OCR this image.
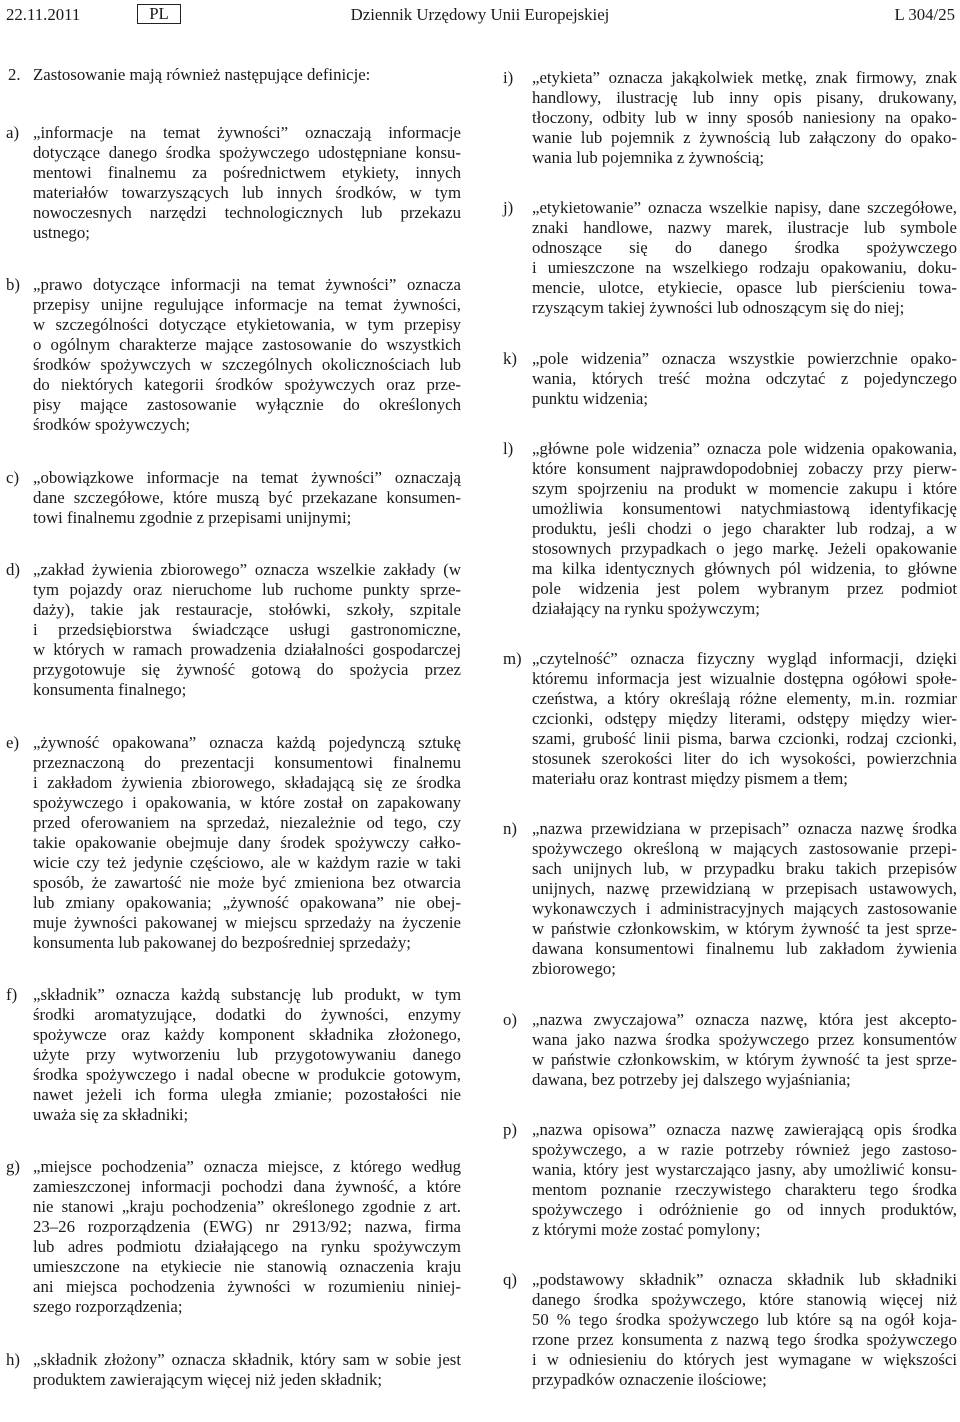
22.11.2011	PL	Dziennik Urzędowy Unii Europejskiej	L 304/25
2. Zastosowanie mają również następujące definicje:
a) „informacje na temat żywności” oznaczają informacje
dotyczące danego środka spożywczego udostępniane konsu-
mentowi finalnemu za pośrednictwem etykiety, innych
materiałów towarzyszących lub innych środków, w tym
nowoczesnych narzędzi technologicznych lub przekazu
ustnego;
b) „prawo dotyczące informacji na temat żywności” oznacza
przepisy unijne regulujące informacje na temat żywności,
w szczególności dotyczące etykietowania, w tym przepisy
o ogólnym charakterze mające zastosowanie do wszystkich
środków spożywczych w szczególnych okolicznościach lub
do niektórych kategorii środków spożywczych oraz prze-
pisy mające zastosowanie wyłącznie do określonych
środków spożywczych;
c) „obowiązkowe informacje na temat żywności” oznaczają
dane szczegółowe, które muszą być przekazane konsumen-
towi finalnemu zgodnie z przepisami unijnymi;
d) „zakład żywienia zbiorowego” oznacza wszelkie zakłady (w
tym pojazdy oraz nieruchome lub ruchome punkty sprze-
daży), takie jak restauracje, stołówki, szkoły, szpitale
i przedsiębiorstwa świadczące usługi gastronomiczne,
w których w ramach prowadzenia działalności gospodarczej
przygotowuje się żywność gotową do spożycia przez
konsumenta finalnego;
e) „żywność opakowana” oznacza każdą pojedynczą sztukę
przeznaczoną do prezentacji konsumentowi finalnemu
i zakładom żywienia zbiorowego, składającą się ze środka
spożywczego i opakowania, w które został on zapakowany
przed oferowaniem na sprzedaż, niezależnie od tego, czy
takie opakowanie obejmuje dany środek spożywczy całko-
wicie czy też jedynie częściowo, ale w każdym razie w taki
sposób, że zawartość nie może być zmieniona bez otwarcia
lub zmiany opakowania; „żywność opakowana” nie obej-
muje żywności pakowanej w miejscu sprzedaży na życzenie
konsumenta lub pakowanej do bezpośredniej sprzedaży;
f) „składnik” oznacza każdą substancję lub produkt, w tym
środki aromatyzujące, dodatki do żywności, enzymy
spożywcze oraz każdy komponent składnika złożonego,
użyte przy wytworzeniu lub przygotowywaniu danego
środka spożywczego i nadal obecne w produkcie gotowym,
nawet jeżeli ich forma uległa zmianie; pozostałości nie
uważa się za składniki;
g) „miejsce pochodzenia” oznacza miejsce, z którego według
zamieszczonej informacji pochodzi dana żywność, a które
nie stanowi „kraju pochodzenia” określonego zgodnie z art.
23–26 rozporządzenia (EWG) nr 2913/92; nazwa, firma
lub adres podmiotu działającego na rynku spożywczym
umieszczone na etykiecie nie stanowią oznaczenia kraju
ani miejsca pochodzenia żywności w rozumieniu niniej-
szego rozporządzenia;
h) „składnik złożony” oznacza składnik, który sam w sobie jest
produktem zawierającym więcej niż jeden składnik;
i) „etykieta” oznacza jakąkolwiek metkę, znak firmowy, znak
handlowy, ilustrację lub inny opis pisany, drukowany,
tłoczony, odbity lub w inny sposób naniesiony na opako-
wanie lub pojemnik z żywnością lub załączony do opako-
wania lub pojemnika z żywnością;
j) „etykietowanie” oznacza wszelkie napisy, dane szczegółowe,
znaki handlowe, nazwy marek, ilustracje lub symbole
odnoszące się do danego środka spożywczego
i umieszczone na wszelkiego rodzaju opakowaniu, doku-
mencie, ulotce, etykiecie, opasce lub pierścieniu towa-
rzyszącym takiej żywności lub odnoszącym się do niej;
k) „pole widzenia” oznacza wszystkie powierzchnie opako-
wania, których treść można odczytać z pojedynczego
punktu widzenia;
l) „główne pole widzenia” oznacza pole widzenia opakowania,
które konsument najprawdopodobniej zobaczy przy pierw-
szym spojrzeniu na produkt w momencie zakupu i które
umożliwia konsumentowi natychmiastową identyfikację
produktu, jeśli chodzi o jego charakter lub rodzaj, a w
stosownych przypadkach o jego markę. Jeżeli opakowanie
ma kilka identycznych głównych pól widzenia, to główne
pole widzenia jest polem wybranym przez podmiot
działający na rynku spożywczym;
m) „czytelność” oznacza fizyczny wygląd informacji, dzięki
któremu informacja jest wizualnie dostępna ogółowi społe-
czeństwa, a który określają różne elementy, m.in. rozmiar
czcionki, odstępy między literami, odstępy między wier-
szami, grubość linii pisma, barwa czcionki, rodzaj czcionki,
stosunek szerokości liter do ich wysokości, powierzchnia
materiału oraz kontrast między pismem a tłem;
n) „nazwa przewidziana w przepisach” oznacza nazwę środka
spożywczego określoną w mających zastosowanie przepi-
sach unijnych lub, w przypadku braku takich przepisów
unijnych, nazwę przewidzianą w przepisach ustawowych,
wykonawczych i administracyjnych mających zastosowanie
w państwie członkowskim, w którym żywność ta jest sprze-
dawana konsumentowi finalnemu lub zakładom żywienia
zbiorowego;
o) „nazwa zwyczajowa” oznacza nazwę, która jest akcepto-
wana jako nazwa środka spożywczego przez konsumentów
w państwie członkowskim, w którym żywność ta jest sprze-
dawana, bez potrzeby jej dalszego wyjaśniania;
p) „nazwa opisowa” oznacza nazwę zawierającą opis środka
spożywczego, a w razie potrzeby również jego zastoso-
wania, który jest wystarczająco jasny, aby umożliwić konsu-
mentom poznanie rzeczywistego charakteru tego środka
spożywczego i odróżnienie go od innych produktów,
z którymi może zostać pomylony;
q) „podstawowy składnik” oznacza składnik lub składniki
danego środka spożywczego, które stanowią więcej niż
50 % tego środka spożywczego lub które są na ogół koja-
rzone przez konsumenta z nazwą tego środka spożywczego
i w odniesieniu do których jest wymagane w większości
przypadków oznaczenie ilościowe;
